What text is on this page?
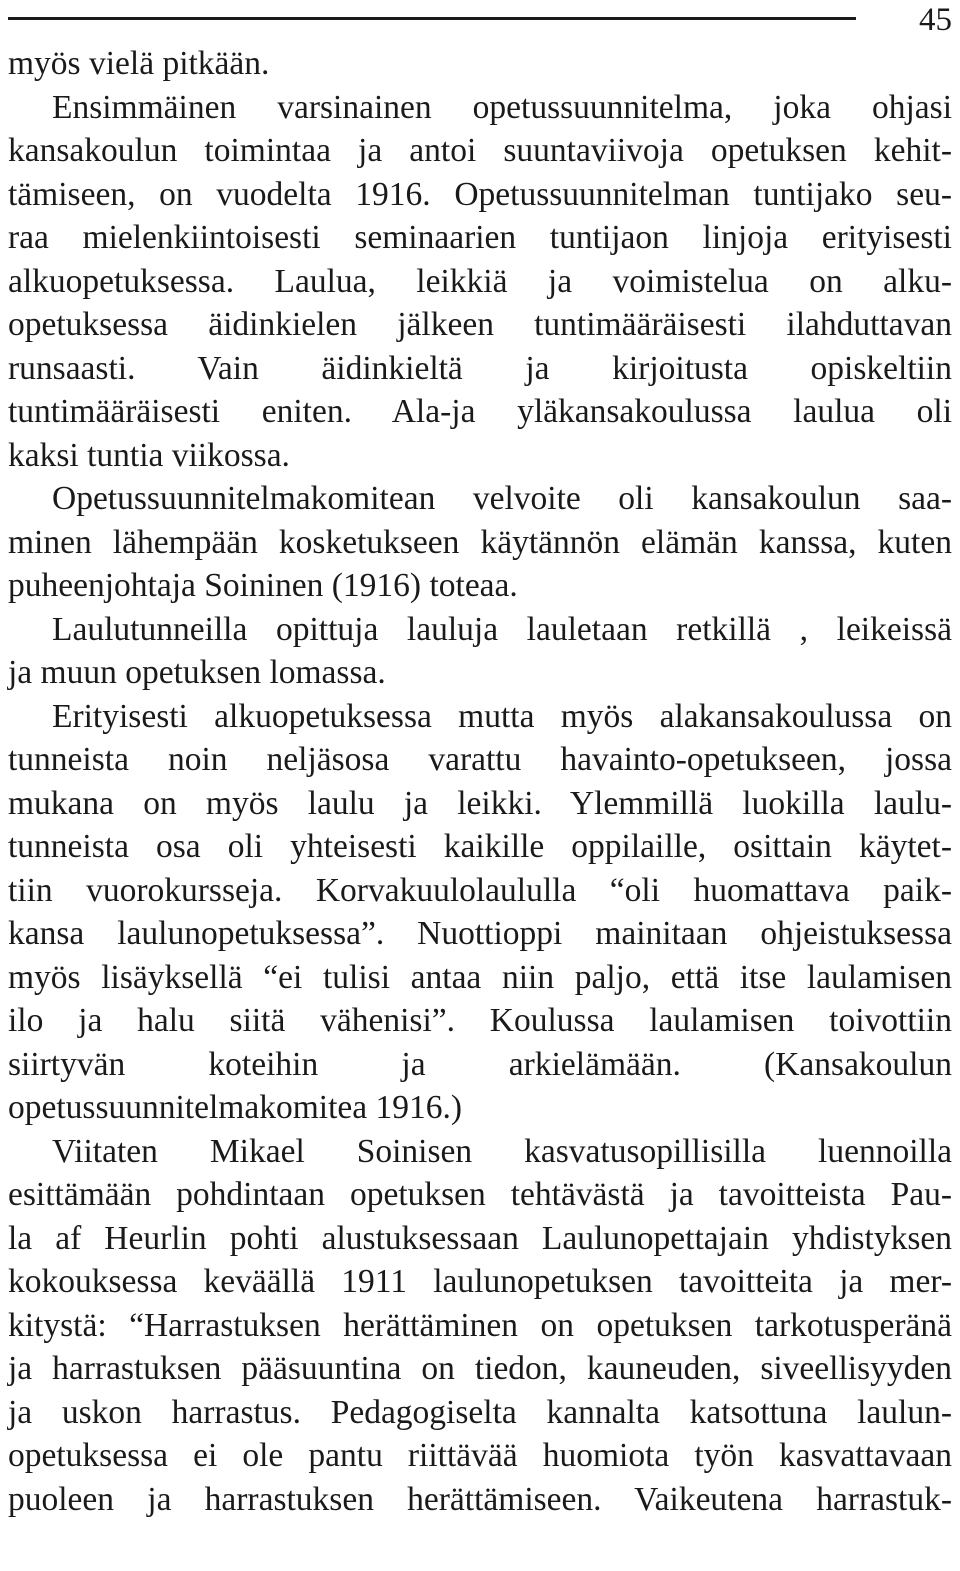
45
myös vielä pitkään.
Ensimmäinen varsinainen opetussuunnitelma, joka ohjasi
kansakoulun toimintaa ja antoi suuntaviivoja opetuksen kehit-
tämiseen, on vuodelta 1916. Opetussuunnitelman tuntijako seu-
raa mielenkiintoisesti seminaarien tuntijaon linjoja erityisesti
alkuopetuksessa. Laulua, leikkiä ja voimistelua on alku-
opetuksessa äidinkielen jälkeen tuntimääräisesti ilahduttavan
runsaasti. Vain äidinkieltä ja kirjoitusta opiskeltiin
tuntimääräisesti eniten. Ala-ja yläkansakoulussa laulua oli
kaksi tuntia viikossa.
Opetussuunnitelmakomitean velvoite oli kansakoulun saa-
minen lähempään kosketukseen käytännön elämän kanssa, kuten
puheenjohtaja Soininen (1916) toteaa.
Laulutunneilla opittuja lauluja lauletaan retkillä , leikeissä
ja muun opetuksen lomassa.
Erityisesti alkuopetuksessa mutta myös alakansakoulussa on
tunneista noin neljäsosa varattu havainto-opetukseen, jossa
mukana on myös laulu ja leikki. Ylemmillä luokilla laulu-
tunneista osa oli yhteisesti kaikille oppilaille, osittain käytet-
tiin vuorokursseja. Korvakuulolaululla “oli huomattava paik-
kansa laulunopetuksessa”. Nuottioppi mainitaan ohjeistuksessa
myös lisäyksellä “ei tulisi antaa niin paljo, että itse laulamisen
ilo ja halu siitä vähenisi”. Koulussa laulamisen toivottiin
siirtyvän koteihin ja arkielämään. (Kansakoulun
opetussuunnitelmakomitea 1916.)
Viitaten Mikael Soinisen kasvatusopillisilla luennoilla
esittämään pohdintaan opetuksen tehtävästä ja tavoitteista Pau-
la af Heurlin pohti alustuksessaan Laulunopettajain yhdistyksen
kokouksessa keväällä 1911 laulunopetuksen tavoitteita ja mer-
kitystä: “Harrastuksen herättäminen on opetuksen tarkotusperänä
ja harrastuksen pääsuuntina on tiedon, kauneuden, siveellisyyden
ja uskon harrastus. Pedagogiselta kannalta katsottuna laulun-
opetuksessa ei ole pantu riittävää huomiota työn kasvattavaan
puoleen ja harrastuksen herättämiseen. Vaikeutena harrastuk-
